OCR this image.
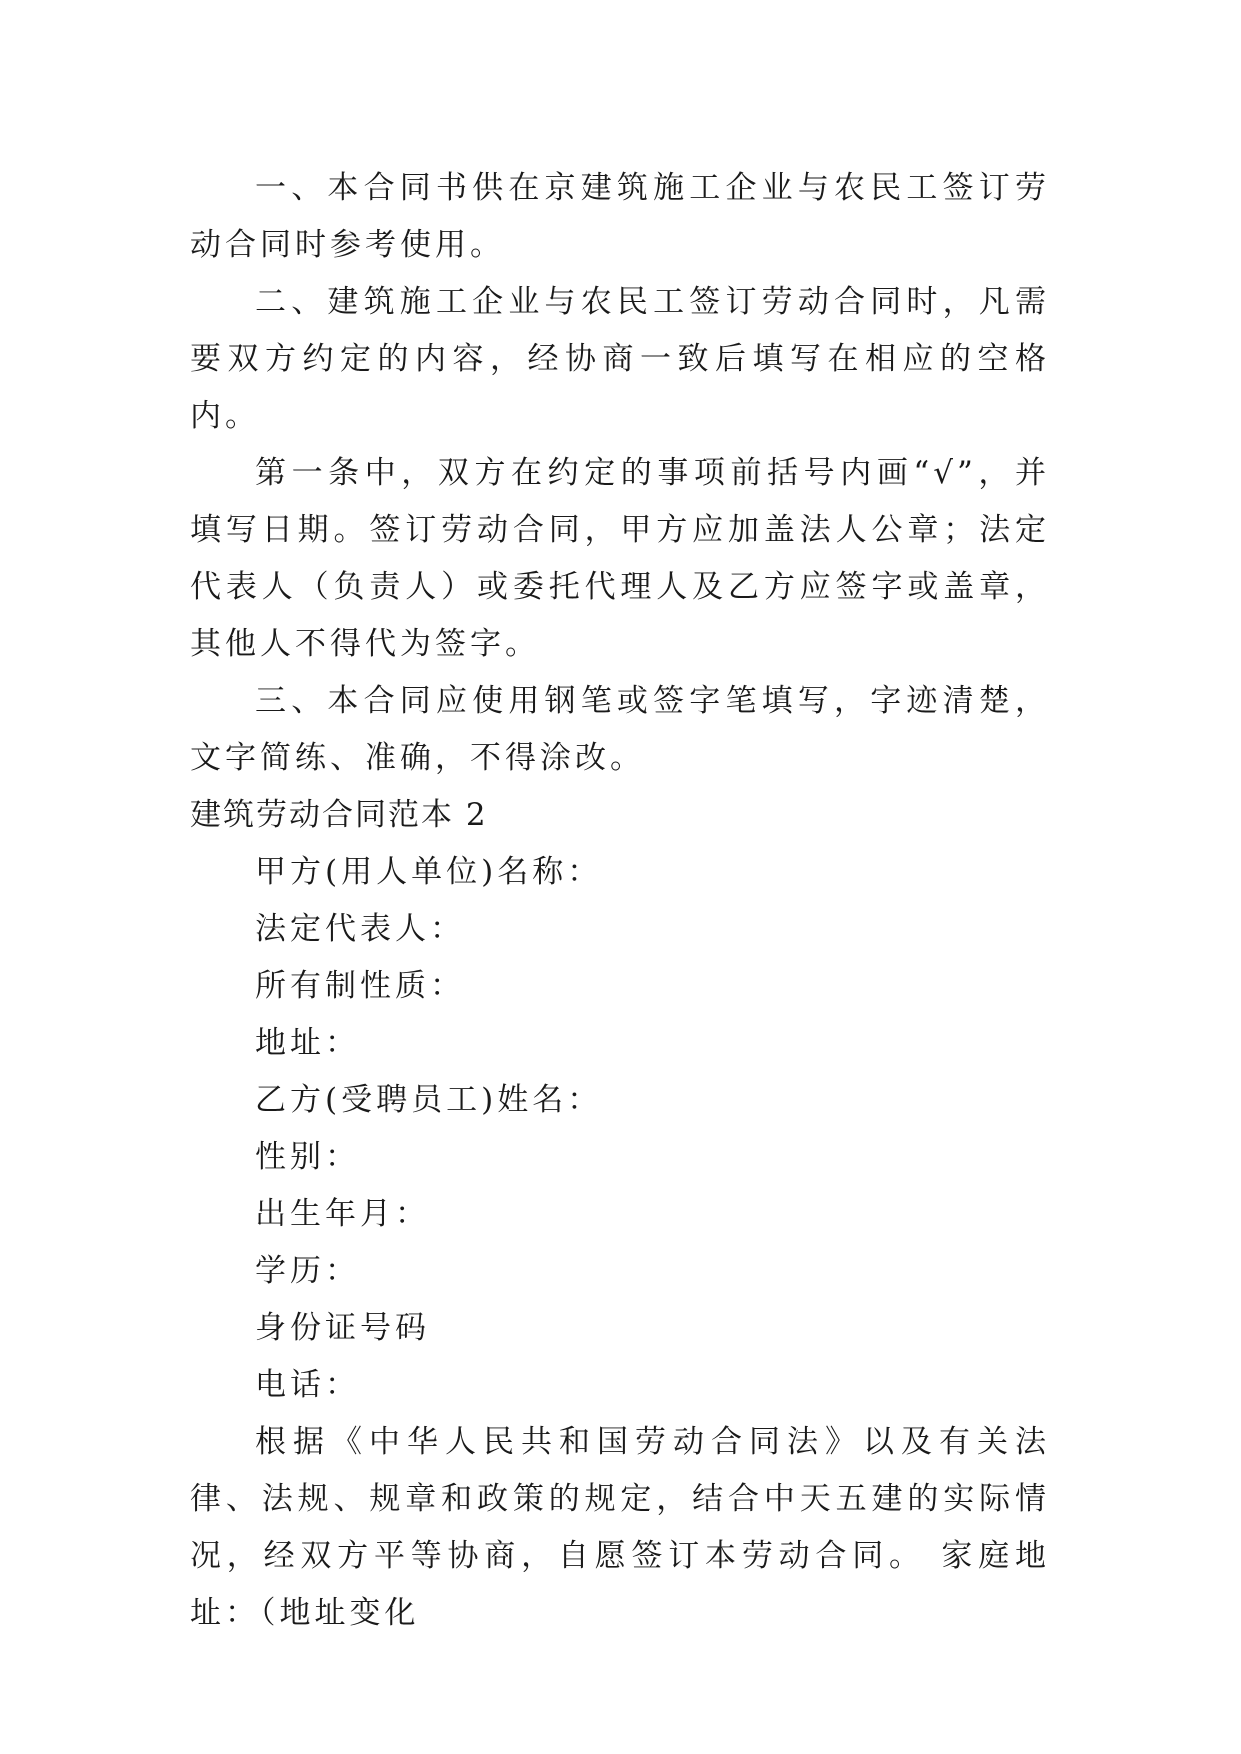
一、本合同书供在京建筑施工企业与农民工签订劳动合同时参考使用。

二、建筑施工企业与农民工签订劳动合同时，凡需要双方约定的内容，经协商一致后填写在相应的空格内。

第一条中，双方在约定的事项前括号内画“√”，并填写日期。签订劳动合同，甲方应加盖法人公章；法定代表人（负责人）或委托代理人及乙方应签字或盖章，其他人不得代为签字。

三、本合同应使用钢笔或签字笔填写，字迹清楚，文字简练、准确，不得涂改。

建筑劳动合同范本 2

甲方(用人单位)名称：

法定代表人：

所有制性质：

地址：

乙方(受聘员工)姓名：

性别：

出生年月：

学历：

身份证号码

电话：

根据《中华人民共和国劳动合同法》以及有关法律、法规、规章和政策的规定，结合中天五建的实际情况，经双方平等协商，自愿签订本劳动合同。 家庭地址：（地址变化
